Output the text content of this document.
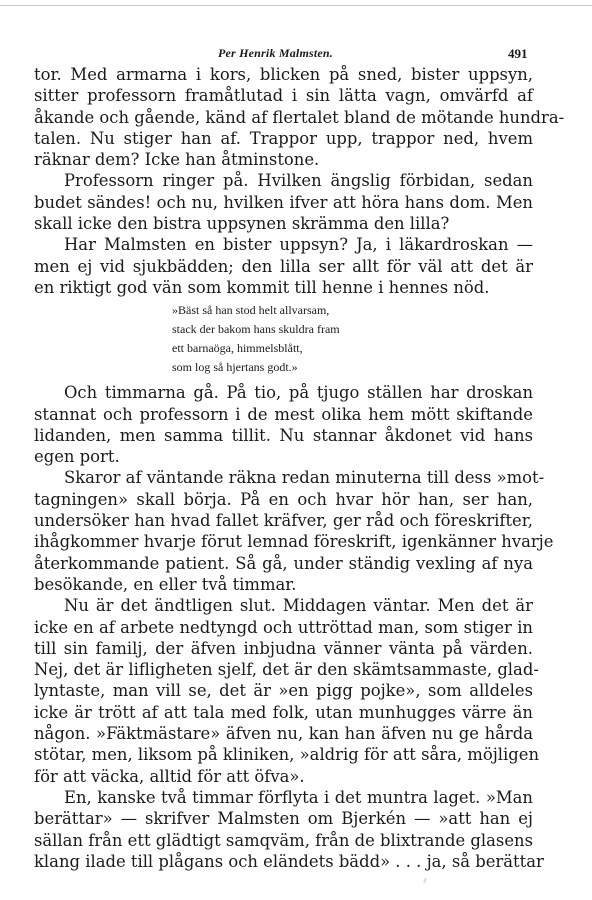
Per Henrik Malmsten.	491
tor. Med armarna i kors, blicken på sned, bister uppsyn,
sitter professorn framåtlutad i sin lätta vagn, omvärfd af
åkande och gående, känd af flertalet bland de mötande hundra-
talen. Nu stiger han af. Trappor upp, trappor ned, hvem
räknar dem? Icke han åtminstone.
Professorn ringer på. Hvilken ängslig förbidan, sedan
budet sändes! och nu, hvilken ifver att höra hans dom. Men
skall icke den bistra uppsynen skrämma den lilla?
Har Malmsten en bister uppsyn? Ja, i läkardroskan —
men ej vid sjukbädden; den lilla ser allt för väl att det är
en riktigt god vän som kommit till henne i hennes nöd.
»Bäst så han stod helt allvarsam,
stack der bakom hans skuldra fram
ett barnaöga, himmelsblått,
som log så hjertans godt.»
Och timmarna gå. På tio, på tjugo ställen har droskan
stannat och professorn i de mest olika hem mött skiftande
lidanden, men samma tillit. Nu stannar åkdonet vid hans
egen port.
Skaror af väntande räkna redan minuterna till dess »mot-
tagningen» skall börja. På en och hvar hör han, ser han,
undersöker han hvad fallet kräfver, ger råd och föreskrifter,
ihågkommer hvarje förut lemnad föreskrift, igenkänner hvarje
återkommande patient. Så gå, under ständig vexling af nya
besökande, en eller två timmar.
Nu är det ändtligen slut. Middagen väntar. Men det är
icke en af arbete nedtyngd och uttröttad man, som stiger in
till sin familj, der äfven inbjudna vänner vänta på värden.
Nej, det är lifligheten sjelf, det är den skämtsammaste, glad-
lyntaste, man vill se, det är »en pigg pojke», som alldeles
icke är trött af att tala med folk, utan munhugges värre än
någon. »Fäktmästare» äfven nu, kan han äfven nu ge hårda
stötar, men, liksom på kliniken, »aldrig för att såra, möjligen
för att väcka, alltid för att öfva».
En, kanske två timmar förflyta i det muntra laget. »Man
berättar» — skrifver Malmsten om Bjerkén — »att han ej
sällan från ett glädtigt samqväm, från de blixtrande glasens
klang ilade till plågans och eländets bädd» . . . ja, så berättar
